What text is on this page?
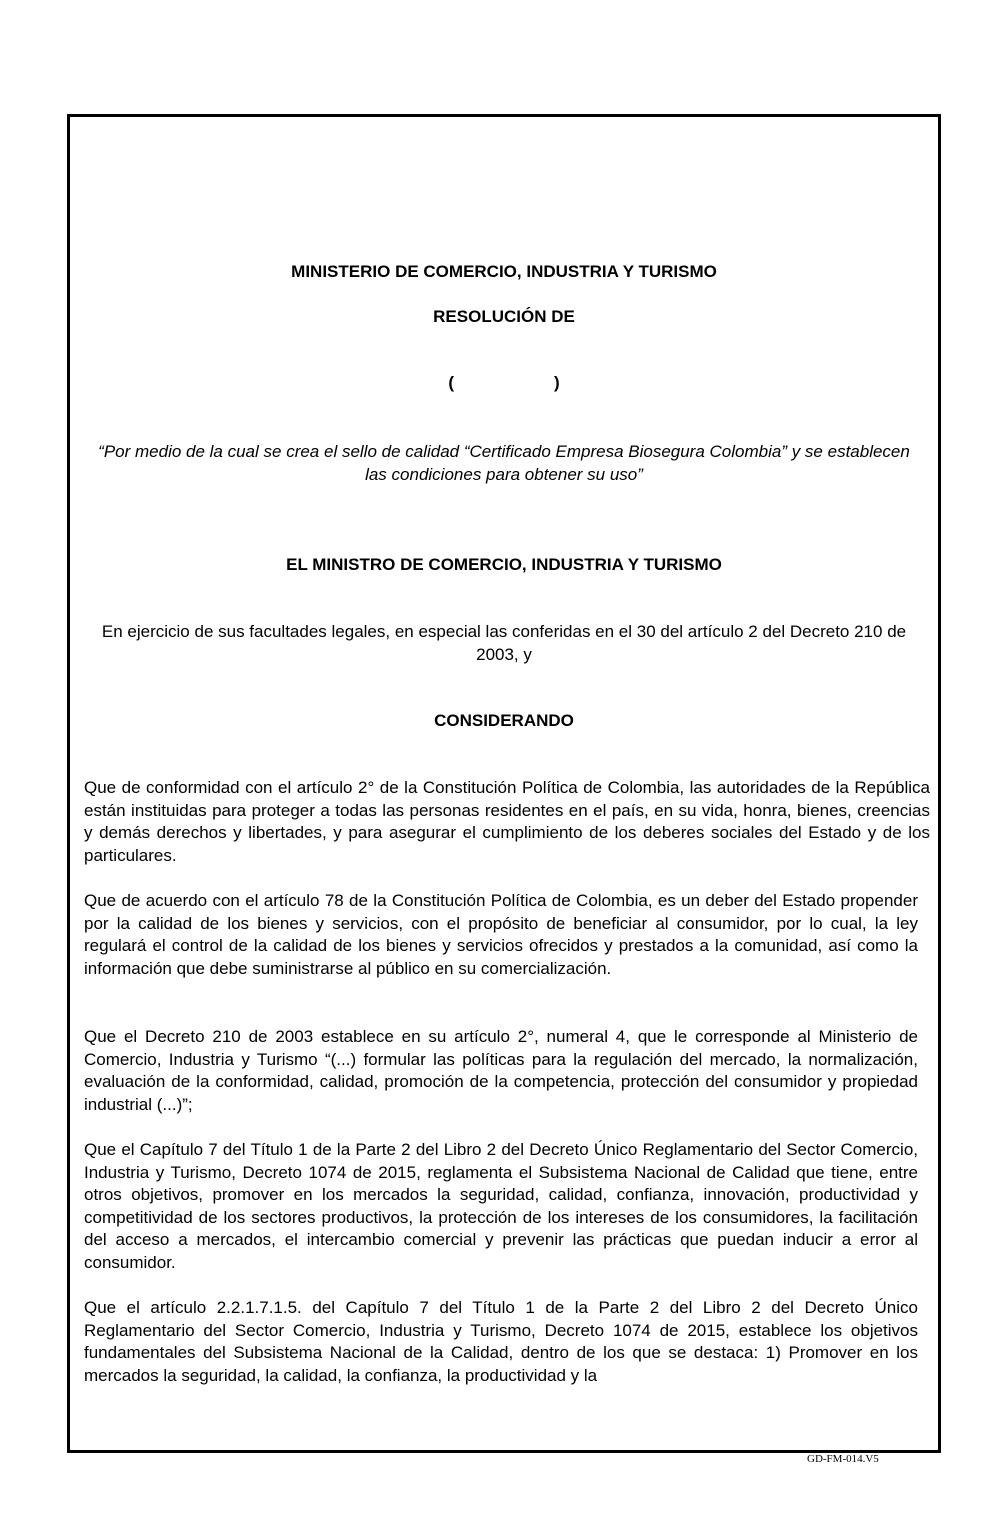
MINISTERIO DE COMERCIO, INDUSTRIA Y TURISMO
RESOLUCIÓN DE
(	)
“Por medio de la cual se crea el sello de calidad “Certificado Empresa Biosegura Colombia” y se establecen las condiciones para obtener su uso”
EL MINISTRO DE COMERCIO, INDUSTRIA Y TURISMO
En ejercicio de sus facultades legales, en especial las conferidas en el 30 del artículo 2 del Decreto 210 de 2003, y
CONSIDERANDO
Que de conformidad con el artículo 2° de la Constitución Política de Colombia, las autoridades de la República están instituidas para proteger a todas las personas residentes en el país, en su vida, honra, bienes, creencias y demás derechos y libertades, y para asegurar el cumplimiento de los deberes sociales del Estado y de los particulares.
Que de acuerdo con el artículo 78 de la Constitución Política de Colombia, es un deber del Estado propender por la calidad de los bienes y servicios, con el propósito de beneficiar al consumidor, por lo cual, la ley regulará el control de la calidad de los bienes y servicios ofrecidos y prestados a la comunidad, así como la información que debe suministrarse al público en su comercialización.
Que el Decreto 210 de 2003 establece en su artículo 2°, numeral 4, que le corresponde al Ministerio de Comercio, Industria y Turismo “(...) formular las políticas para la regulación del mercado, la normalización, evaluación de la conformidad, calidad, promoción de la competencia, protección del consumidor y propiedad industrial (...)”;
Que el Capítulo 7 del Título 1 de la Parte 2 del Libro 2 del Decreto Único Reglamentario del Sector Comercio, Industria y Turismo, Decreto 1074 de 2015, reglamenta el Subsistema Nacional de Calidad que tiene, entre otros objetivos, promover en los mercados la seguridad, calidad, confianza, innovación, productividad y competitividad de los sectores productivos, la protección de los intereses de los consumidores, la facilitación del acceso a mercados, el intercambio comercial y prevenir las prácticas que puedan inducir a error al consumidor.
Que el artículo 2.2.1.7.1.5. del Capítulo 7 del Título 1 de la Parte 2 del Libro 2 del Decreto Único Reglamentario del Sector Comercio, Industria y Turismo, Decreto 1074 de 2015, establece los objetivos fundamentales del Subsistema Nacional de la Calidad, dentro de los que se destaca: 1) Promover en los mercados la seguridad, la calidad, la confianza, la productividad y la
GD-FM-014.V5
